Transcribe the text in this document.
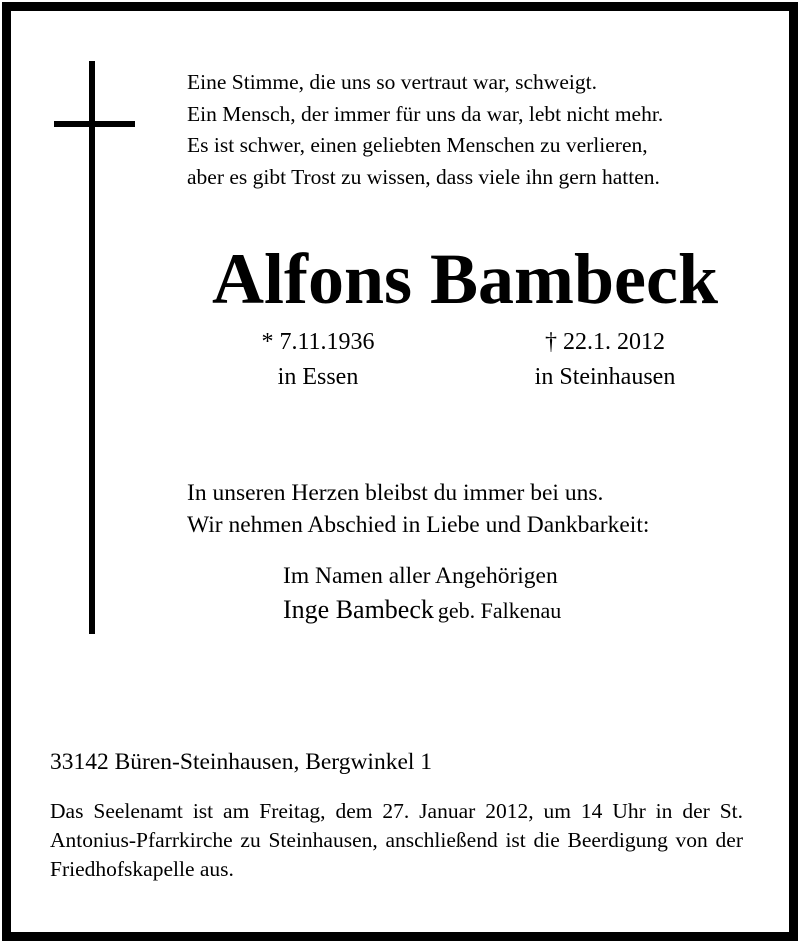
Eine Stimme, die uns so vertraut war, schweigt.
Ein Mensch, der immer für uns da war, lebt nicht mehr.
Es ist schwer, einen geliebten Menschen zu verlieren,
aber es gibt Trost zu wissen, dass viele ihn gern hatten.
Alfons Bambeck
* 7.11.1936
in Essen
† 22.1. 2012
in Steinhausen
In unseren Herzen bleibst du immer bei uns.
Wir nehmen Abschied in Liebe und Dankbarkeit:
Im Namen aller Angehörigen
Inge Bambeck geb. Falkenau
33142 Büren-Steinhausen, Bergwinkel 1
Das Seelenamt ist am Freitag, dem 27. Januar 2012, um 14 Uhr in der St. Antonius-Pfarrkirche zu Steinhausen, anschließend ist die Beerdigung von der Friedhofskapelle aus.
